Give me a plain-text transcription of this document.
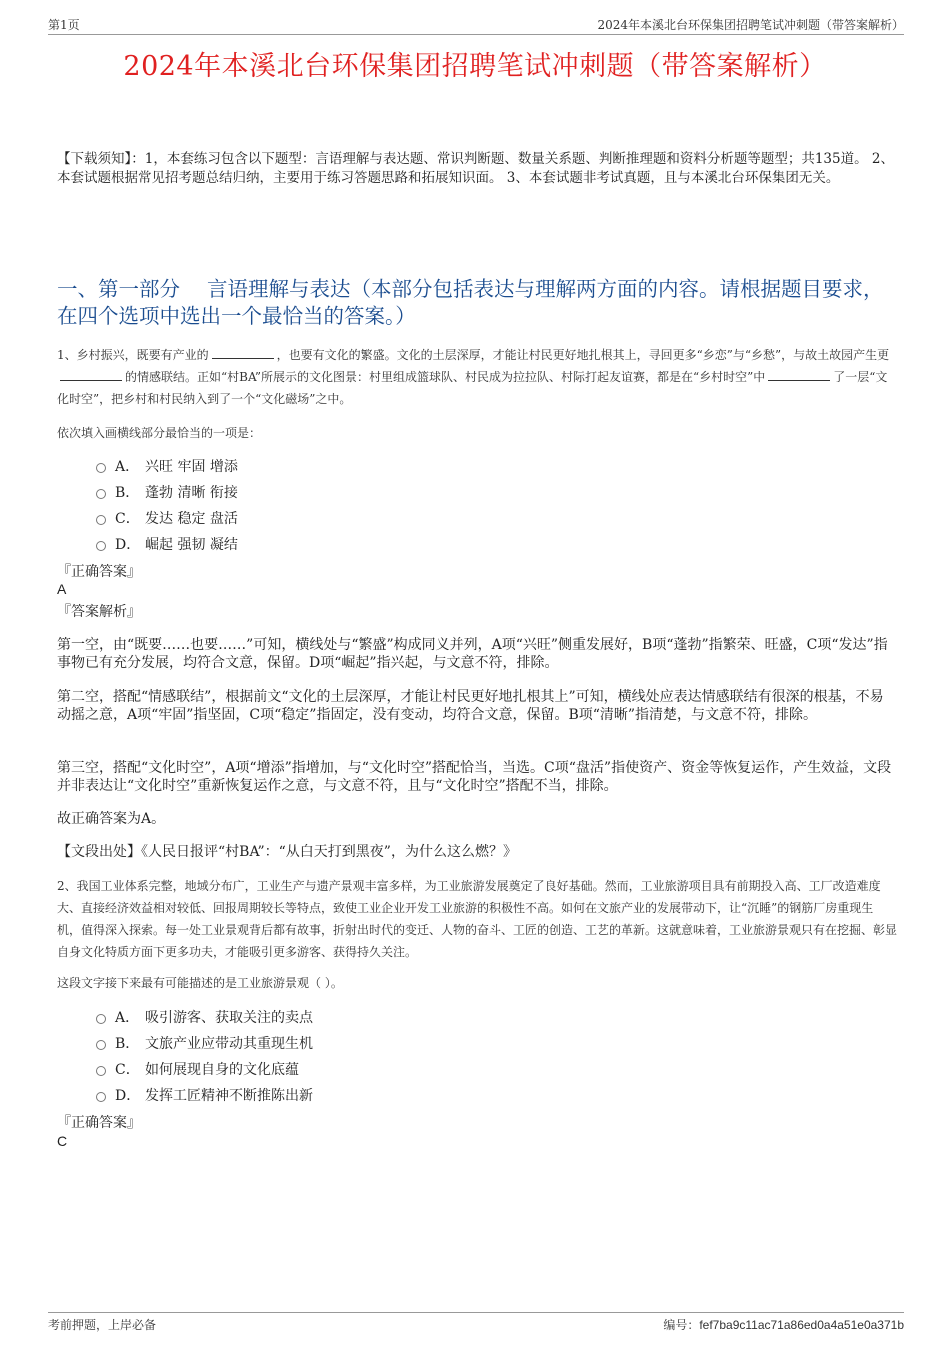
第1页	2024年本溪北台环保集团招聘笔试冲刺题（带答案解析）
2024年本溪北台环保集团招聘笔试冲刺题（带答案解析）
【下载须知】：1，本套练习包含以下题型：言语理解与表达题、常识判断题、数量关系题、判断推理题和资料分析题等题型；共135道。 2、本套试题根据常见招考题总结归纳，主要用于练习答题思路和拓展知识面。 3、本套试题非考试真题，且与本溪北台环保集团无关。
一、第一部分　 言语理解与表达（本部分包括表达与理解两方面的内容。请根据题目要求，在四个选项中选出一个最恰当的答案。）
1、乡村振兴，既要有产业的	，也要有文化的繁盛。文化的土层深厚，才能让村民更好地扎根其上，寻回更多“乡恋”与“乡愁”，与故土故园产生更的情感联结。正如“村BA”所展示的文化图景：村里组成篮球队、村民成为拉拉队、村际打起友谊赛，都是在“乡村时空”中	了一层“文化时空”，把乡村和村民纳入到了一个“文化磁场”之中。
依次填入画横线部分最恰当的一项是：
A． 兴旺 牢固 增添
B． 蓬勃 清晰 衔接
C． 发达 稳定 盘活
D． 崛起 强韧 凝结
『正确答案』
A
『答案解析』
第一空，由“既要……也要……”可知，横线处与“繁盛”构成同义并列，A项“兴旺”侧重发展好，B项“蓬勃”指繁荣、旺盛，C项“发达”指事物已有充分发展，均符合文意，保留。D项“崛起”指兴起，与文意不符，排除。
第二空，搭配“情感联结”，根据前文“文化的土层深厚，才能让村民更好地扎根其上”可知，横线处应表达情感联结有很深的根基，不易动摇之意，A项“牢固”指坚固，C项“稳定”指固定，没有变动，均符合文意，保留。B项“清晰”指清楚，与文意不符，排除。
第三空，搭配“文化时空”，A项“增添”指增加，与“文化时空”搭配恰当，当选。C项“盘活”指使资产、资金等恢复运作，产生效益，文段并非表达让“文化时空”重新恢复运作之意，与文意不符，且与“文化时空”搭配不当，排除。
故正确答案为A。
【文段出处】《人民日报评“村BA”：“从白天打到黑夜”，为什么这么燃？》
2、我国工业体系完整，地域分布广，工业生产与遗产景观丰富多样，为工业旅游发展奠定了良好基础。然而，工业旅游项目具有前期投入高、工厂改造难度大、直接经济效益相对较低、回报周期较长等特点，致使工业企业开发工业旅游的积极性不高。如何在文旅产业的发展带动下，让“沉睡”的钢筋厂房重现生机，值得深入探索。每一处工业景观背后都有故事，折射出时代的变迁、人物的奋斗、工匠的创造、工艺的革新。这就意味着，工业旅游景观只有在挖掘、彰显自身文化特质方面下更多功夫，才能吸引更多游客、获得持久关注。
这段文字接下来最有可能描述的是工业旅游景观（ ）。
A． 吸引游客、获取关注的卖点
B． 文旅产业应带动其重现生机
C． 如何展现自身的文化底蕴
D． 发挥工匠精神不断推陈出新
『正确答案』
C
考前押题，上岸必备	编号：fef7ba9c11ac71a86ed0a4a51e0a371b
